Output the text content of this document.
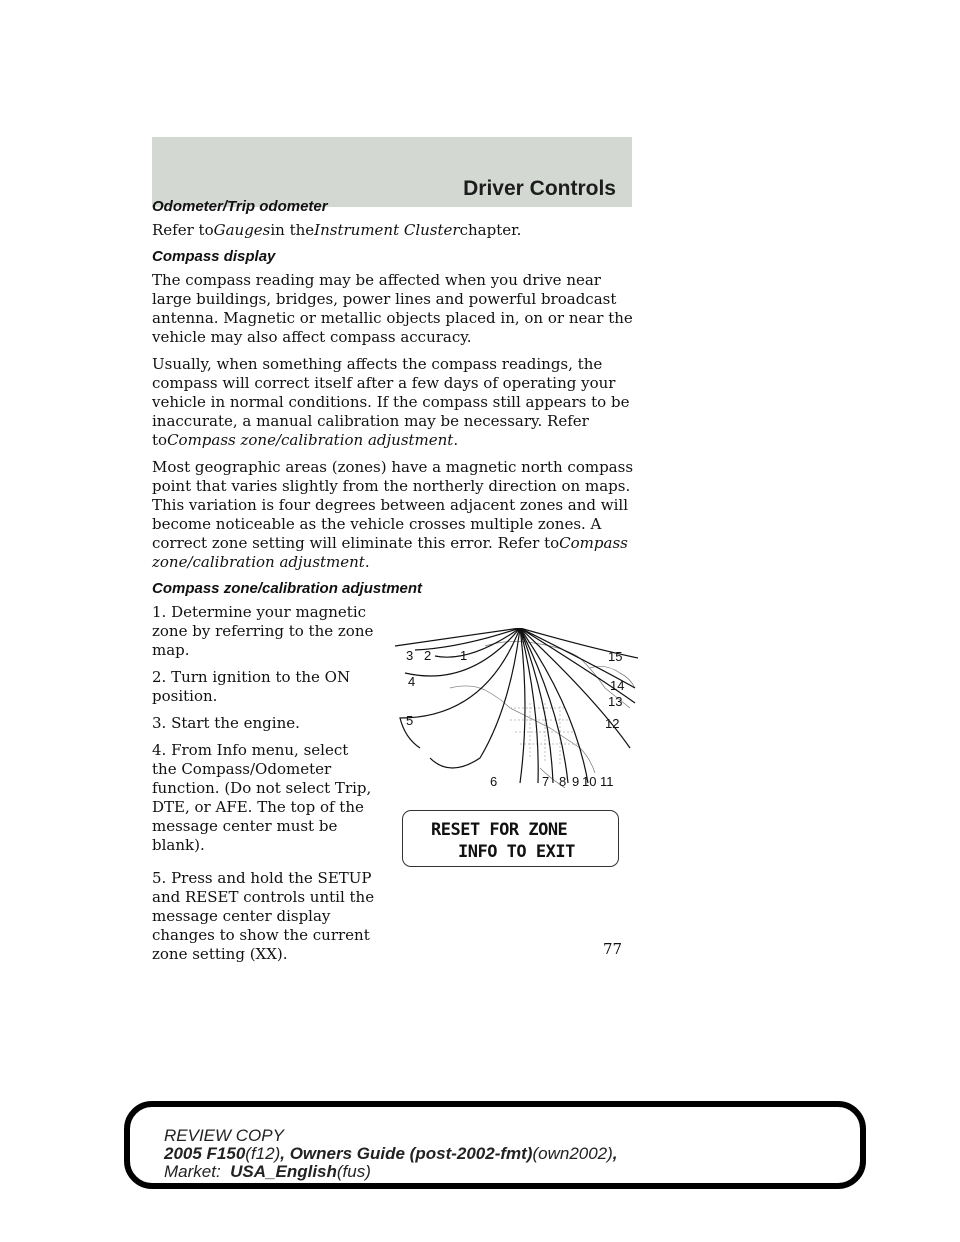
Driver Controls
Odometer/Trip odometer

Refer toGaugesin theInstrument Clusterchapter.

Compass display

The compass reading may be affected when you drive near large buildings, bridges, power lines and powerful broadcast antenna. Magnetic or metallic objects placed in, on or near the vehicle may also affect compass accuracy.

Usually, when something affects the compass readings, the compass will correct itself after a few days of operating your vehicle in normal conditions. If the compass still appears to be inaccurate, a manual calibration may be necessary. Refer toCompass zone/calibration adjustment.

Most geographic areas (zones) have a magnetic north compass point that varies slightly from the northerly direction on maps. This variation is four degrees between adjacent zones and will become noticeable as the vehicle crosses multiple zones. A correct zone setting will eliminate this error. Refer toCompass zone/calibration adjustment.

Compass zone/calibration adjustment

1. Determine your magnetic zone by referring to the zone map.

2. Turn ignition to the ON position.

3. Start the engine.

4. From Info menu, select the Compass/Odometer function. (Do not select Trip, DTE, or AFE. The top of the message center must be blank).

5. Press and hold the SETUP and RESET controls until the message center display changes to show the current zone setting (XX).

1
2
3
4
5
6	7 8 9 10 11
12
13
14
15
RESET FOR ZONE
INFO TO EXIT
77
REVIEW COPY
2005 F150(f12), Owners Guide (post-2002-fmt)(own2002),
Market: USA_English(fus)
